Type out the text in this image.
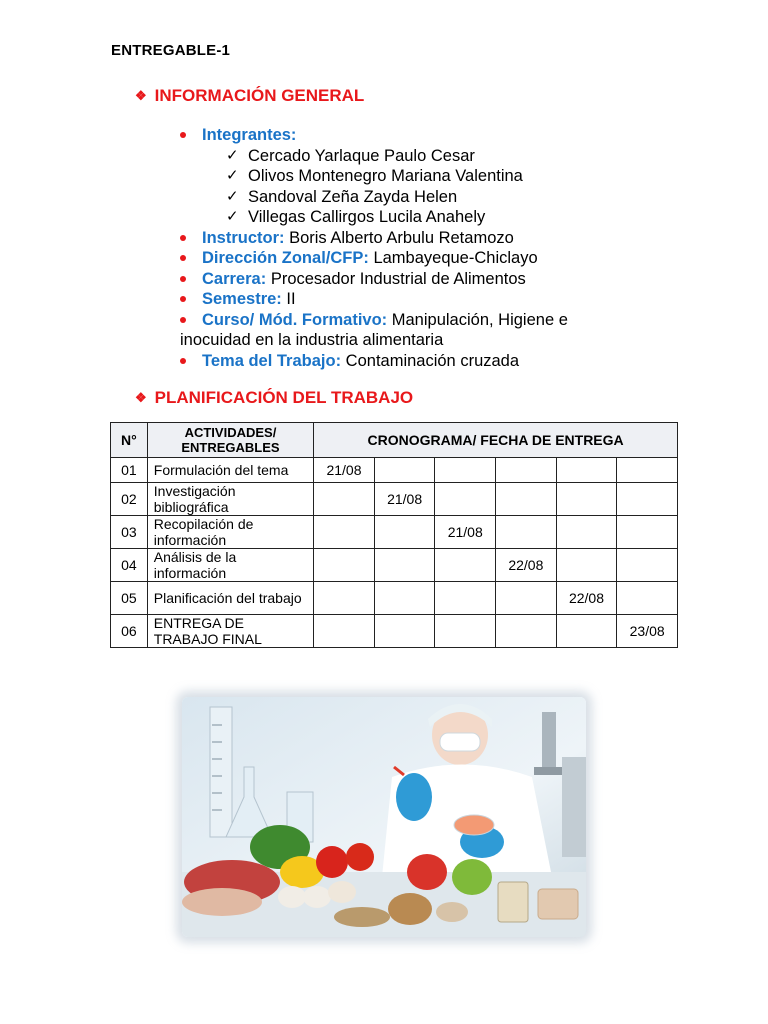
ENTREGABLE-1
❖ INFORMACIÓN GENERAL
Integrantes:
✓ Cercado Yarlaque Paulo Cesar
✓ Olivos Montenegro Mariana Valentina
✓ Sandoval Zeña Zayda Helen
✓ Villegas Callirgos Lucila Anahely
Instructor: Boris Alberto Arbulu Retamozo
Dirección Zonal/CFP: Lambayeque-Chiclayo
Carrera: Procesador Industrial de Alimentos
Semestre: II
Curso/ Mód. Formativo: Manipulación, Higiene e
inocuidad en la industria alimentaria
Tema del Trabajo: Contaminación cruzada
❖ PLANIFICACIÓN DEL TRABAJO
N°	ACTIVIDADES/ ENTREGABLES	CRONOGRAMA/ FECHA DE ENTREGA					
01	Formulación del tema	21/08					
02	Investigación bibliográfica		21/08				
03	Recopilación de información			21/08			
04	Análisis de la información				22/08		
05	Planificación del trabajo					22/08	
06	ENTREGA DE TRABAJO FINAL						23/08
